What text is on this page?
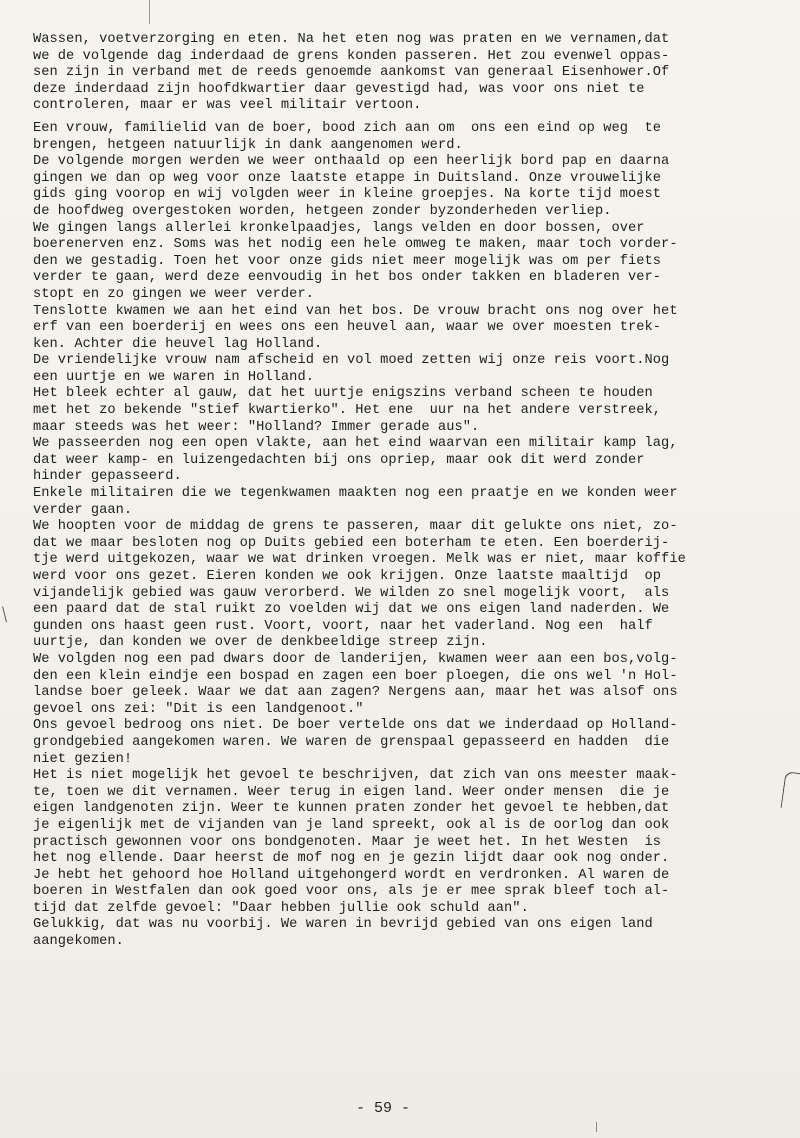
Wassen, voetverzorging en eten. Na het eten nog was praten en we vernamen,dat
we de volgende dag inderdaad de grens konden passeren. Het zou evenwel oppas-
sen zijn in verband met de reeds genoemde aankomst van generaal Eisenhower.Of
deze inderdaad zijn hoofdkwartier daar gevestigd had, was voor ons niet te
controleren, maar er was veel militair vertoon.
Een vrouw, familielid van de boer, bood zich aan om  ons een eind op weg  te
brengen, hetgeen natuurlijk in dank aangenomen werd.
De volgende morgen werden we weer onthaald op een heerlijk bord pap en daarna
gingen we dan op weg voor onze laatste etappe in Duitsland. Onze vrouwelijke
gids ging voorop en wij volgden weer in kleine groepjes. Na korte tijd moest
de hoofdweg overgestoken worden, hetgeen zonder byzonderheden verliep.
We gingen langs allerlei kronkelpaadjes, langs velden en door bossen, over
boerenerven enz. Soms was het nodig een hele omweg te maken, maar toch vorder-
den we gestadig. Toen het voor onze gids niet meer mogelijk was om per fiets
verder te gaan, werd deze eenvoudig in het bos onder takken en bladeren ver-
stopt en zo gingen we weer verder.
Tenslotte kwamen we aan het eind van het bos. De vrouw bracht ons nog over het
erf van een boerderij en wees ons een heuvel aan, waar we over moesten trek-
ken. Achter die heuvel lag Holland.
De vriendelijke vrouw nam afscheid en vol moed zetten wij onze reis voort.Nog
een uurtje en we waren in Holland.
Het bleek echter al gauw, dat het uurtje enigszins verband scheen te houden
met het zo bekende "stief kwartierko". Het ene  uur na het andere verstreek,
maar steeds was het weer: "Holland? Immer gerade aus".
We passeerden nog een open vlakte, aan het eind waarvan een militair kamp lag,
dat weer kamp- en luizengedachten bij ons opriep, maar ook dit werd zonder
hinder gepasseerd.
Enkele militairen die we tegenkwamen maakten nog een praatje en we konden weer
verder gaan.
We hoopten voor de middag de grens te passeren, maar dit gelukte ons niet, zo-
dat we maar besloten nog op Duits gebied een boterham te eten. Een boerderij-
tje werd uitgekozen, waar we wat drinken vroegen. Melk was er niet, maar koffie
werd voor ons gezet. Eieren konden we ook krijgen. Onze laatste maaltijd  op
vijandelijk gebied was gauw verorberd. We wilden zo snel mogelijk voort,  als
een paard dat de stal ruikt zo voelden wij dat we ons eigen land naderden. We
gunden ons haast geen rust. Voort, voort, naar het vaderland. Nog een  half
uurtje, dan konden we over de denkbeeldige streep zijn.
We volgden nog een pad dwars door de landerijen, kwamen weer aan een bos,volg-
den een klein eindje een bospad en zagen een boer ploegen, die ons wel 'n Hol-
landse boer geleek. Waar we dat aan zagen? Nergens aan, maar het was alsof ons
gevoel ons zei: "Dit is een landgenoot."
Ons gevoel bedroog ons niet. De boer vertelde ons dat we inderdaad op Holland-
grondgebied aangekomen waren. We waren de grenspaal gepasseerd en hadden  die
niet gezien!
Het is niet mogelijk het gevoel te beschrijven, dat zich van ons meester maak-
te, toen we dit vernamen. Weer terug in eigen land. Weer onder mensen  die je
eigen landgenoten zijn. Weer te kunnen praten zonder het gevoel te hebben,dat
je eigenlijk met de vijanden van je land spreekt, ook al is de oorlog dan ook
practisch gewonnen voor ons bondgenoten. Maar je weet het. In het Westen  is
het nog ellende. Daar heerst de mof nog en je gezin lijdt daar ook nog onder.
Je hebt het gehoord hoe Holland uitgehongerd wordt en verdronken. Al waren de
boeren in Westfalen dan ook goed voor ons, als je er mee sprak bleef toch al-
tijd dat zelfde gevoel: "Daar hebben jullie ook schuld aan".
Gelukkig, dat was nu voorbij. We waren in bevrijd gebied van ons eigen land
aangekomen.
- 59 -
